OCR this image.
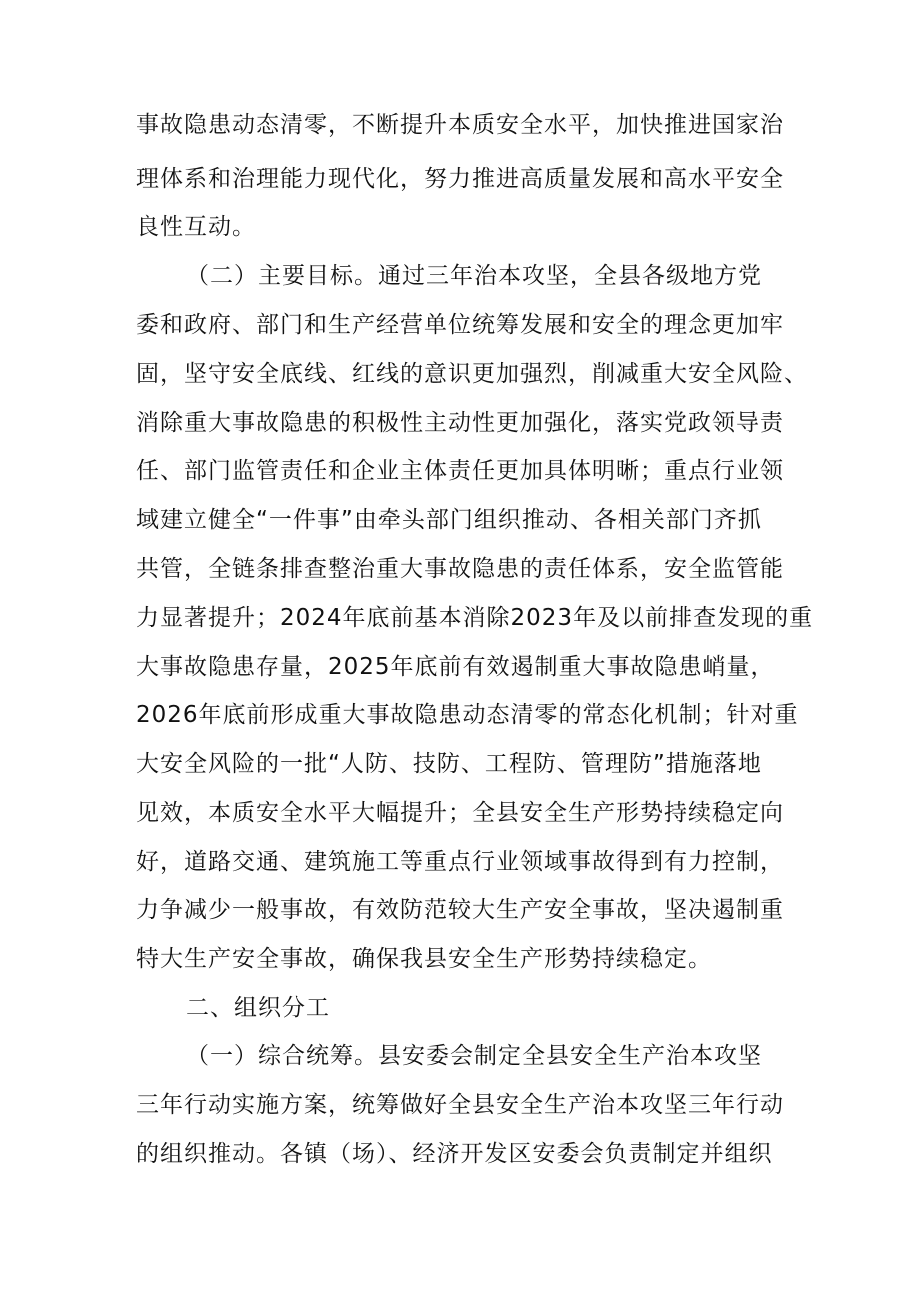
事故隐患动态清零，不断提升本质安全水平，加快推进国家治
理体系和治理能力现代化，努力推进高质量发展和高水平安全
良性互动。
（二）主要目标。通过三年治本攻坚，全县各级地方党
委和政府、部门和生产经营单位统筹发展和安全的理念更加牢
固，坚守安全底线、红线的意识更加强烈，削减重大安全风险、
消除重大事故隐患的积极性主动性更加强化，落实党政领导责
任、部门监管责任和企业主体责任更加具体明晰；重点行业领
域建立健全“一件事”由牵头部门组织推动、各相关部门齐抓
共管，全链条排查整治重大事故隐患的责任体系，安全监管能
力显著提升；2024年底前基本消除2023年及以前排查发现的重
大事故隐患存量，2025年底前有效遏制重大事故隐患峭量，
2026年底前形成重大事故隐患动态清零的常态化机制；针对重
大安全风险的一批“人防、技防、工程防、管理防”措施落地
见效，本质安全水平大幅提升；全县安全生产形势持续稳定向
好，道路交通、建筑施工等重点行业领域事故得到有力控制，
力争减少一般事故，有效防范较大生产安全事故，坚决遏制重
特大生产安全事故，确保我县安全生产形势持续稳定。
二、组织分工
（一）综合统筹。县安委会制定全县安全生产治本攻坚
三年行动实施方案，统筹做好全县安全生产治本攻坚三年行动
的组织推动。各镇（场）、经济开发区安委会负责制定并组织
